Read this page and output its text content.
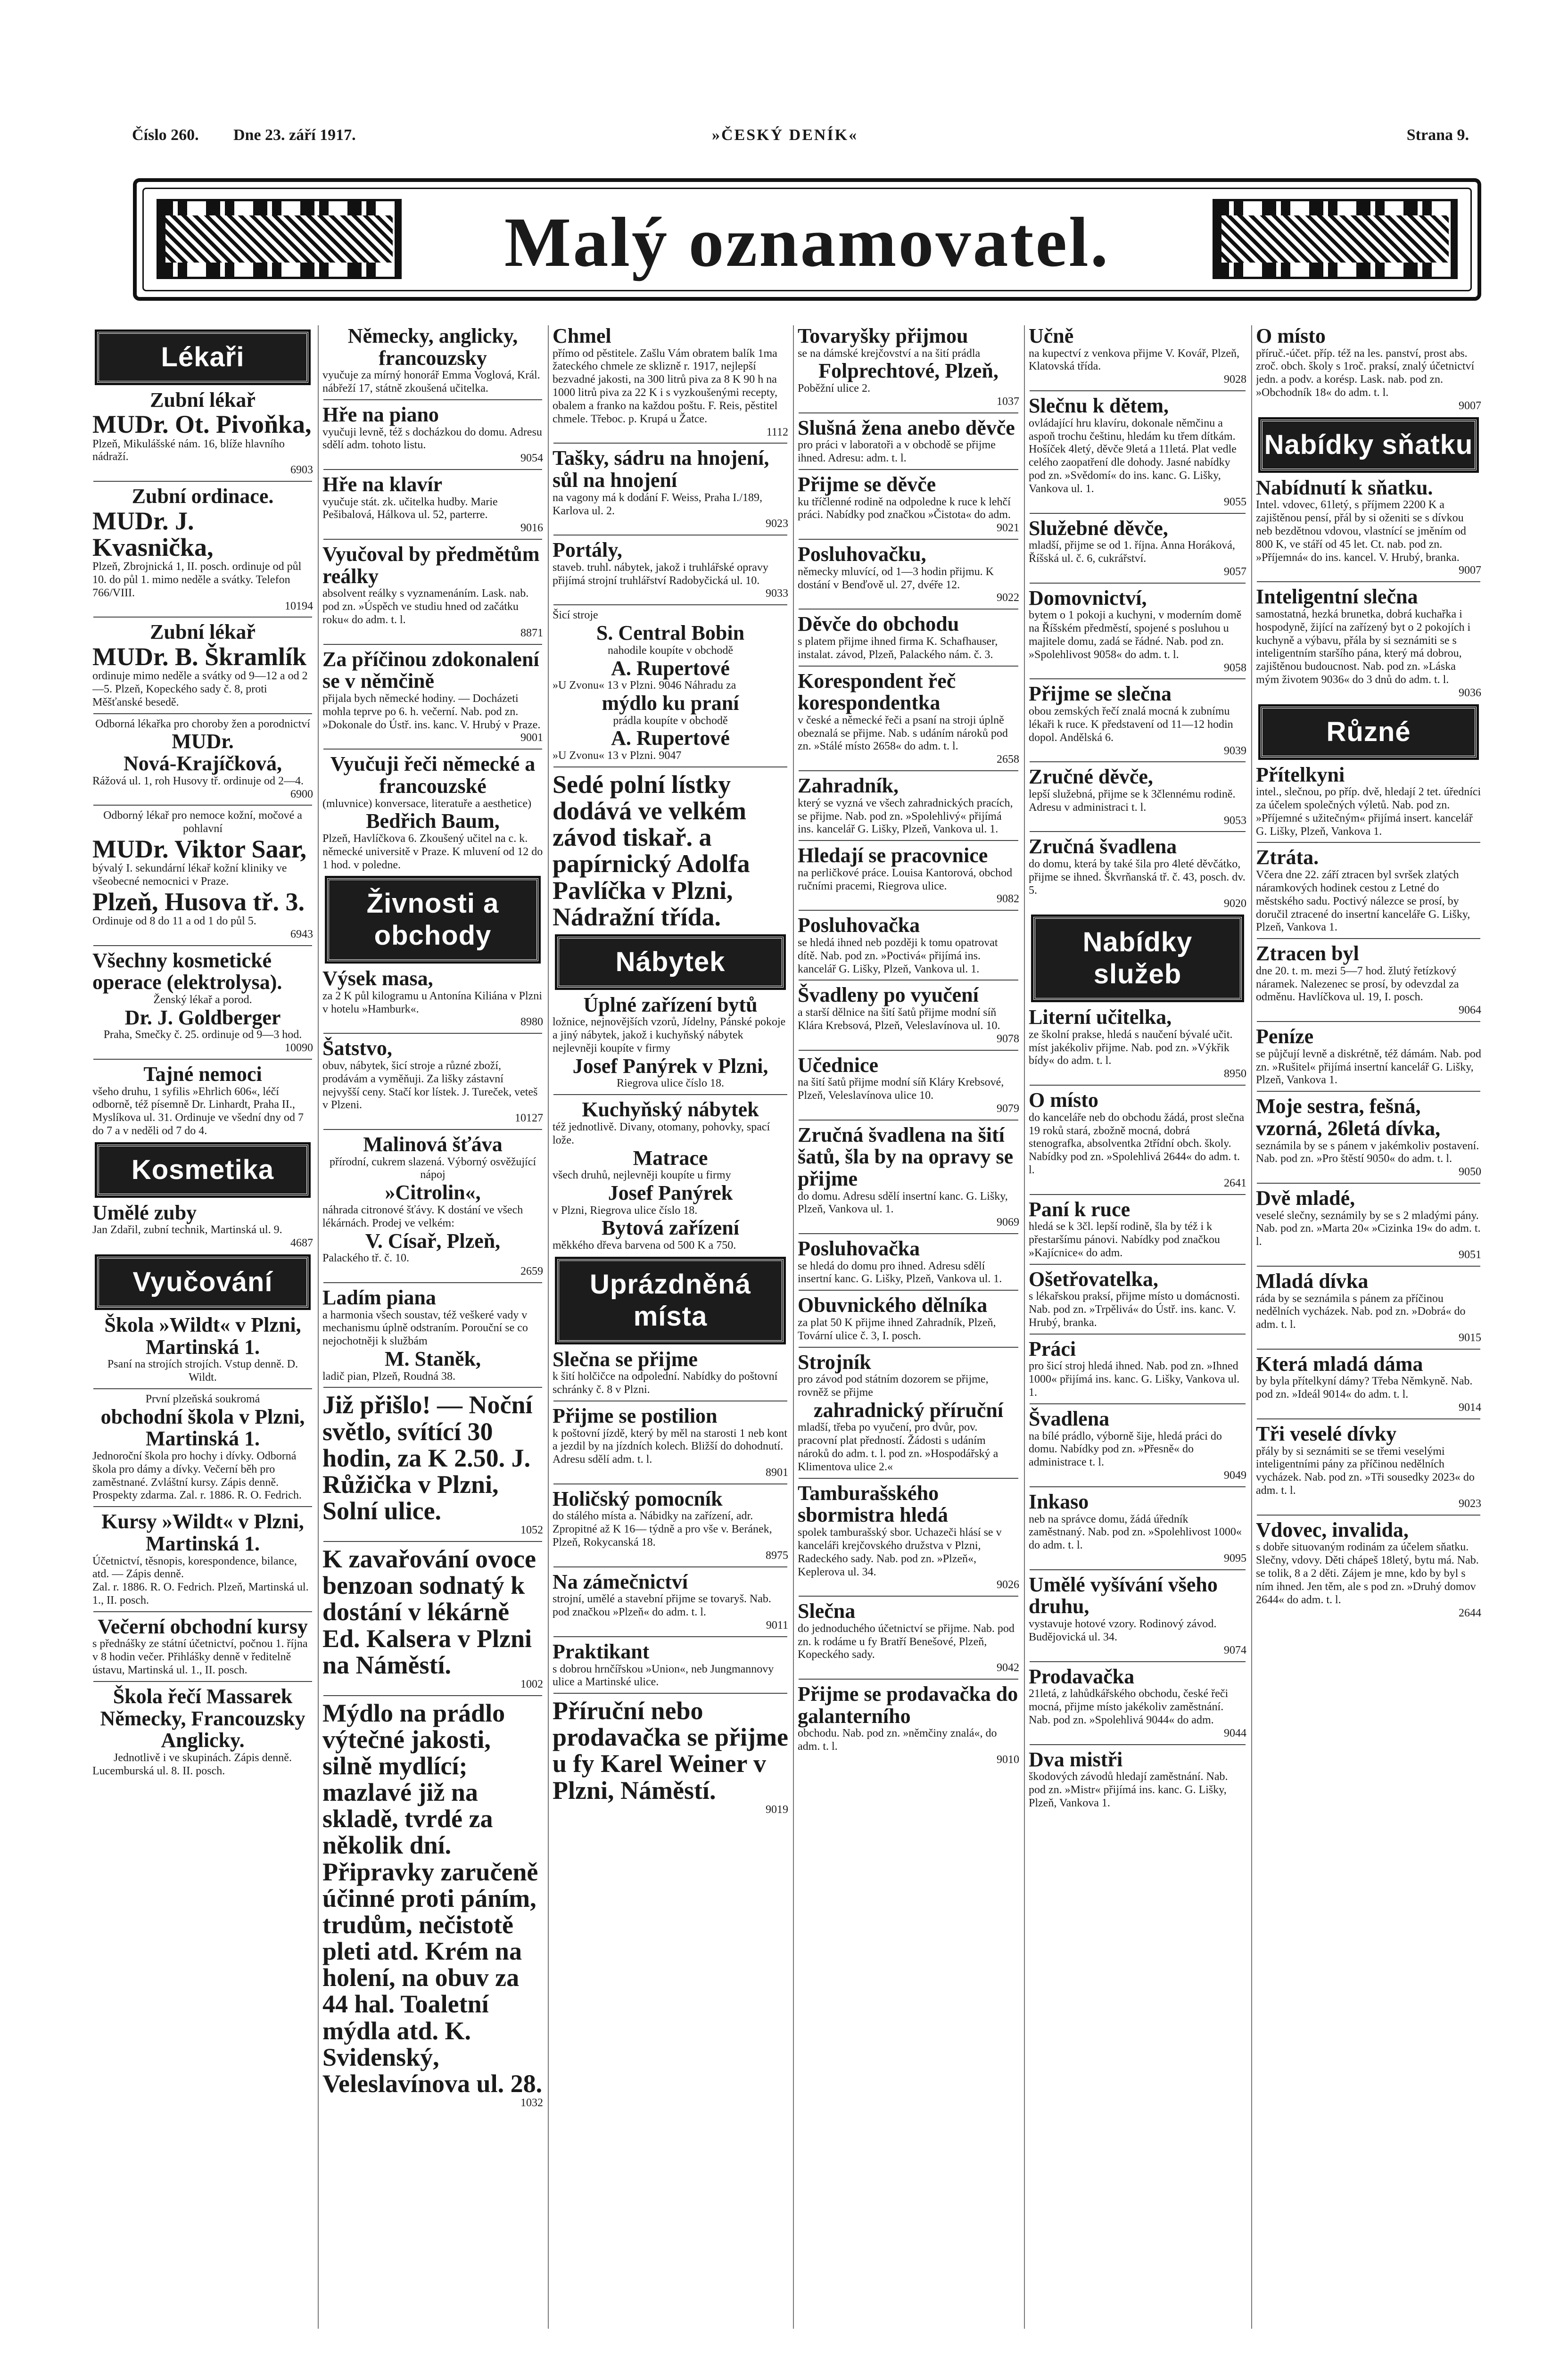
Číslo 260. Dne 23. září 1917.	»ČESKÝ DENÍK«	Strana 9.
Malý oznamovatel.
Lékaři
Zubní lékař
MUDr. Ot. Pivoňka,
Plzeň, Mikulášské nám. 16, blíže hlavního nádraží.
6903
Zubní ordinace.
MUDr. J. Kvasnička,
Plzeň, Zbrojnická 1, II. posch. ordinuje od půl 10. do půl 1. mimo neděle a svátky. Telefon 766/VIII.
10194
Zubní lékař
MUDr. B. Škramlík
ordinuje mimo neděle a svátky od 9—12 a od 2—5. Plzeň, Kopeckého sady č. 8, proti Měšťanské besedě.
Odborná lékařka pro choroby žen a porodnictví
MUDr.
Nová-Krajíčková,
Rážová ul. 1, roh Husovy tř. ordinuje od 2—4.
6900
Odborný lékař pro nemoce kožní, močové a pohlavní
MUDr. Viktor Saar,
bývalý I. sekundární lékař kožní kliniky ve všeobecné nemocnici v Praze.
Plzeň, Husova tř. 3.
Ordinuje od 8 do 11 a od 1 do půl 5.
6943
Všechny kosmetické operace (elektrolysa).
Ženský lékař a porod.
Dr. J. Goldberger
Praha, Smečky č. 25. ordinuje od 9—3 hod.
10090
Tajné nemoci
všeho druhu, 1 syfilis »Ehrlich 606«, léčí odborně, též písemně Dr. Linhardt, Praha II., Myslíkova ul. 31. Ordinuje ve všední dny od 7 do 7 a v neděli od 7 do 4.
Kosmetika
Umělé zuby
Jan Zdařil, zubní technik, Martinská ul. 9.
4687
Vyučování
Škola »Wildt« v Plzni, Martinská 1.
Psaní na strojích strojích. Vstup denně. D. Wildt.
První plzeňská soukromá
obchodní škola v Plzni, Martinská 1.
Jednoroční škola pro hochy i dívky. Odborná škola pro dámy a dívky. Večerní běh pro zaměstnané. Zvláštní kursy. Zápis denně. Prospekty zdarma. Zal. r. 1886. R. O. Fedrich.
Kursy »Wildt« v Plzni, Martinská 1.
Účetnictví, těsnopis, korespondence, bilance, atd. — Zápis denně.
Zal. r. 1886. R. O. Fedrich. Plzeň, Martinská ul. 1., II. posch.
Večerní obchodní kursy
s přednášky ze státní účetnictví, počnou 1. října v 8 hodin večer. Přihlášky denně v ředitelně ústavu, Martinská ul. 1., II. posch.
Škola řečí Massarek Německy, Francouzsky Anglicky.
Jednotlivě i ve skupinách. Zápis denně.
Lucemburská ul. 8. II. posch.
Německy, anglicky, francouzsky
vyučuje za mírný honorář Emma Voglová, Král. nábřeží 17, státně zkoušená učitelka.
Hře na piano
vyučuji levně, též s docházkou do domu. Adresu sdělí adm. tohoto listu.
9054
Hře na klavír
vyučuje stát. zk. učitelka hudby. Marie Pešibalová, Hálkova ul. 52, parterre.
9016
Vyučoval by předmětům reálky
absolvent reálky s vyznamenáním. Lask. nab. pod zn. »Úspěch ve studiu hned od začátku roku« do adm. t. l.
8871
Za příčinou zdokonalení se v němčině
přijala bych německé hodiny. — Docházeti mohla teprve po 6. h. večerní. Nab. pod zn. »Dokonale do Ústř. ins. kanc. V. Hrubý v Praze.
9001
Vyučuji řeči německé a francouzské
(mluvnice) konversace, literatuře a aesthetice)
Bedřich Baum,
Plzeň, Havlíčkova 6. Zkoušený učitel na c. k. německé universitě v Praze. K mluvení od 12 do 1 hod. v poledne.
Živnosti a obchody
Výsek masa,
za 2 K půl kilogramu u Antonína Kiliána v Plzni v hotelu »Hamburk«.
8980
Šatstvo,
obuv, nábytek, šicí stroje a různé zboží, prodávám a vyměňuji. Za lišky zástavní nejvyšší ceny. Stačí kor lístek. J. Tureček, veteš v Plzeni.
10127
Malinová šťáva
přírodní, cukrem slazená. Výborný osvěžující nápoj
»Citrolin«,
náhrada citronové šťávy. K dostání ve všech lékárnách. Prodej ve velkém:
V. Císař, Plzeň,
Palackého tř. č. 10.
2659
Ladím piana
a harmonia všech soustav, též veškeré vady v mechanismu úplně odstraním. Porouční se co nejochotněji k službám
M. Staněk,
ladič pian, Plzeň, Roudná 38.
Již přišlo! — Noční světlo, svítící 30 hodin, za K 2.50. J. Růžička v Plzni, Solní ulice.
1052
K zavařování ovoce benzoan sodnatý k dostání v lékárně Ed. Kalsera v Plzni na Náměstí.
1002
Mýdlo na prádlo výtečné jakosti, silně mydlící; mazlavé již na skladě, tvrdé za několik dní. Připravky zaručeně účinné proti páním, trudům, nečistotě pleti atd. Krém na holení, na obuv za 44 hal. Toaletní mýdla atd. K. Svidenský, Veleslavínova ul. 28.
1032
Chmel
přímo od pěstitele. Zašlu Vám obratem balík 1ma žateckého chmele ze sklizně r. 1917, nejlepší bezvadné jakosti, na 300 litrů piva za 8 K 90 h na 1000 litrů piva za 22 K i s vyzkoušenými recepty, obalem a franko na každou poštu. F. Reis, pěstitel chmele. Třeboc. p. Krupá u Žatce.
1112
Tašky, sádru na hnojení, sůl na hnojení
na vagony má k dodání F. Weiss, Praha I./189, Karlova ul. 2.
9023
Portály,
staveb. truhl. nábytek, jakož i truhlářské opravy přijímá strojní truhlářství Radobyčická ul. 10.
9033
Šicí stroje
S. Central Bobin
nahodile koupíte v obchodě
A. Rupertové
»U Zvonu« 13 v Plzni. 9046 Náhradu za
mýdlo ku praní
prádla koupíte v obchodě
A. Rupertové
»U Zvonu« 13 v Plzni. 9047
Sedé polní lístky dodává ve velkém závod tiskař. a papírnický Adolfa Pavlíčka v Plzni, Nádražní třída.
Nábytek
Úplné zařízení bytů
ložnice, nejnovějších vzorů, Jídelny, Pánské pokoje a jiný nábytek, jakož i kuchyňský nábytek nejlevněji koupíte v firmy
Josef Panýrek v Plzni,
Riegrova ulice číslo 18.
Kuchyňský nábytek
též jednotlivě. Divany, otomany, pohovky, spací lože.
Matrace
všech druhů, nejlevněji koupíte u firmy
Josef Panýrek
v Plzni, Riegrova ulice číslo 18.
Bytová zařízení
měkkého dřeva barvena od 500 K a 750.
Uprázdněná místa
Slečna se přijme
k šití holčičce na odpolední. Nabídky do poštovní schránky č. 8 v Plzni.
Přijme se postilion
k poštovní jízdě, který by měl na starosti 1 neb kont a jezdil by na jízdních kolech. Bližší do dohodnutí. Adresu sdělí adm. t. l.
8901
Holičský pomocník
do stálého místa a. Nábidky na zařízení, adr. Zpropitné až K 16— týdně a pro vše v. Beránek, Plzeň, Rokycanská 18.
8975
Na zámečnictví
strojní, umělé a stavební přijme se tovaryš. Nab. pod značkou »Plzeň« do adm. t. l.
9011
Praktikant
s dobrou hrnčířskou »Union«, neb Jungmannovy ulice a Martinské ulice.
Příruční nebo prodavačka se přijme u fy Karel Weiner v Plzni, Náměstí.
9019
Tovaryšky přijmou
se na dámské krejčovství a na šití prádla
Folprechtové, Plzeň,
Poběžní ulice 2.
1037
Slušná žena anebo děvče
pro práci v laboratoři a v obchodě se přijme ihned. Adresu: adm. t. l.
Přijme se děvče
ku tříčlenné rodině na odpoledne k ruce k lehčí práci. Nabídky pod značkou »Čistota« do adm.
9021
Posluhovačku,
německy mluvící, od 1—3 hodin přijmu. K dostání v Benďově ul. 27, dvéře 12.
9022
Děvče do obchodu
s platem přijme ihned firma K. Schafhauser, instalat. závod, Plzeň, Palackého nám. č. 3.
Korespondent řeč korespondentka
v české a německé řeči a psaní na stroji úplně obeznalá se přijme. Nab. s udáním nároků pod zn. »Stálé místo 2658« do adm. t. l.
2658
Zahradník,
který se vyzná ve všech zahradnických pracích, se přijme. Nab. pod zn. »Spolehlivý« přijímá ins. kancelář G. Lišky, Plzeň, Vankova ul. 1.
Hledají se pracovnice
na perličkové práce. Louisa Kantorová, obchod ručními pracemi, Riegrova ulice.
9082
Posluhovačka
se hledá ihned neb později k tomu opatrovat dítě. Nab. pod zn. »Poctivá« přijímá ins. kancelář G. Lišky, Plzeň, Vankova ul. 1.
Švadleny po vyučení
a starší dělnice na šití šatů přijme modní síň Klára Krebsová, Plzeň, Veleslavínova ul. 10.
9078
Učednice
na šití šatů přijme modní síň Kláry Krebsové, Plzeň, Veleslavínova ulice 10.
9079
Zručná švadlena na šití šatů, šla by na opravy se přijme
do domu. Adresu sdělí insertní kanc. G. Lišky, Plzeň, Vankova ul. 1.
9069
Posluhovačka
se hledá do domu pro ihned. Adresu sdělí insertní kanc. G. Lišky, Plzeň, Vankova ul. 1.
Obuvnického dělníka
za plat 50 K přijme ihned Zahradník, Plzeň, Tovární ulice č. 3, I. posch.
Strojník
pro závod pod státním dozorem se přijme, rovněž se přijme
zahradnický příruční
mladší, třeba po vyučení, pro dvůr, pov. pracovní plat předností. Žádosti s udáním nároků do adm. t. l. pod zn. »Hospodářský a Klimentova ulice 2.«
Tamburašského sbormistra hledá
spolek tamburašský sbor. Uchazeči hlásí se v kanceláři krejčovského družstva v Plzni, Radeckého sady. Nab. pod zn. »Plzeň«, Keplerova ul. 34.
9026
Slečna
do jednoduchého účetnictví se přijme. Nab. pod zn. k rodáme u fy Bratří Benešové, Plzeň, Kopeckého sady.
9042
Přijme se prodavačka do galanterního
obchodu. Nab. pod zn. »němčiny znalá«, do adm. t. l.
9010
Učně
na kupectví z venkova přijme V. Kovář, Plzeň, Klatovská třída.
9028
Slečnu k dětem,
ovládající hru klavíru, dokonale němčinu a aspoň trochu češtinu, hledám ku třem dítkám. Hošíček 4letý, děvče 9letá a 11letá. Plat vedle celého zaopatření dle dohody. Jasné nabídky pod zn. »Svědomí« do ins. kanc. G. Lišky, Vankova ul. 1.
9055
Služebné děvče,
mladší, přijme se od 1. října. Anna Horáková, Říšská ul. č. 6, cukrářství.
9057
Domovnictví,
bytem o 1 pokoji a kuchyni, v moderním domě na Říšském předměstí, spojené s posluhou u majitele domu, zadá se řádné. Nab. pod zn. »Spolehlivost 9058« do adm. t. l.
9058
Přijme se slečna
obou zemských řečí znalá mocná k zubnímu lékaři k ruce. K představení od 11—12 hodin dopol. Andělská 6.
9039
Zručné děvče,
lepší služebná, přijme se k 3člennému rodině. Adresu v administraci t. l.
9053
Zručná švadlena
do domu, která by také šila pro 4leté děvčátko, přijme se ihned. Škvrňanská tř. č. 43, posch. dv. 5.
9020
Nabídky služeb
Literní učitelka,
ze školní prakse, hledá s naučení bývalé učit. míst jakékoliv přijme. Nab. pod zn. »Výkřik bídy« do adm. t. l.
8950
O místo
do kanceláře neb do obchodu žádá, prost slečna 19 roků stará, zbožně mocná, dobrá stenografka, absolventka 2třídní obch. školy. Nabídky pod zn. »Spolehlivá 2644« do adm. t. l.
2641
Paní k ruce
hledá se k 3čl. lepší rodině, šla by též i k přestaršímu pánovi. Nabídky pod značkou »Kajícnice« do adm.
Ošetřovatelka,
s lékařskou praksí, přijme místo u domácnosti. Nab. pod zn. »Trpělivá« do Ústř. ins. kanc. V. Hrubý, branka.
Práci
pro šicí stroj hledá ihned. Nab. pod zn. »Ihned 1000« přijímá ins. kanc. G. Lišky, Vankova ul. 1.
Švadlena
na bílé prádlo, výborně šije, hledá práci do domu. Nabídky pod zn. »Přesně« do administrace t. l.
9049
Inkaso
neb na správce domu, žádá úředník zaměstnaný. Nab. pod zn. »Spolehlivost 1000« do adm. t. l.
9095
Umělé vyšívání všeho druhu,
vystavuje hotové vzory. Rodinový závod. Budějovická ul. 34.
9074
Prodavačka
21letá, z lahůdkářského obchodu, české řeči mocná, přijme místo jakékoliv zaměstnání. Nab. pod zn. »Spolehlivá 9044« do adm.
9044
Dva mistři
škodových závodů hledají zaměstnání. Nab. pod zn. »Mistr« přijímá ins. kanc. G. Lišky, Plzeň, Vankova 1.
O místo
příruč.-účet. příp. též na les. panství, prost abs. zroč. obch. školy s 1roč. praksí, znalý účetnictví jedn. a podv. a korésp. Lask. nab. pod zn. »Obchodník 18« do adm. t. l.
9007
Nabídky sňatku
Nabídnutí k sňatku.
Intel. vdovec, 61letý, s příjmem 2200 K a zajištěnou pensí, přál by si oženiti se s dívkou neb bezdětnou vdovou, vlastnící se jměním od 800 K, ve stáří od 45 let. Ct. nab. pod zn. »Příjemná« do ins. kancel. V. Hrubý, branka.
9007
Inteligentní slečna
samostatná, hezká brunetka, dobrá kuchařka i hospodyně, žijící na zařízený byt o 2 pokojích i kuchyně a výbavu, přála by si seznámiti se s inteligentním staršího pána, který má dobrou, zajištěnou budoucnost. Nab. pod zn. »Láska mým životem 9036« do 3 dnů do adm. t. l.
9036
Různé
Přítelkyni
intel., slečnou, po příp. dvě, hledají 2 tet. úředníci za účelem společných výletů. Nab. pod zn. »Příjemné s užitečným« přijímá insert. kancelář G. Lišky, Plzeň, Vankova 1.
Ztráta.
Včera dne 22. září ztracen byl svršek zlatých náramkových hodinek cestou z Letné do městského sadu. Poctivý nálezce se prosí, by doručil ztracené do insertní kanceláře G. Lišky, Plzeň, Vankova 1.
Ztracen byl
dne 20. t. m. mezi 5—7 hod. žlutý řetízkový náramek. Nalezenec se prosí, by odevzdal za odměnu. Havlíčkova ul. 19, I. posch.
9064
Peníze
se půjčují levně a diskrétně, též dámám. Nab. pod zn. »Rušitel« přijímá insertní kancelář G. Lišky, Plzeň, Vankova 1.
Moje sestra, fešná, vzorná, 26letá dívka,
seznámila by se s pánem v jakémkoliv postavení. Nab. pod zn. »Pro štěstí 9050« do adm. t. l.
9050
Dvě mladé,
veselé slečny, seznámily by se s 2 mladými pány. Nab. pod zn. »Marta 20« »Cizinka 19« do adm. t. l.
9051
Mladá dívka
ráda by se seznámila s pánem za příčinou nedělních vycházek. Nab. pod zn. »Dobrá« do adm. t. l.
9015
Která mladá dáma
by byla přítelkyní dámy? Třeba Němkyně. Nab. pod zn. »Ideál 9014« do adm. t. l.
9014
Tři veselé dívky
přály by si seznámiti se se třemi veselými inteligentními pány za příčinou nedělních vycházek. Nab. pod zn. »Tři sousedky 2023« do adm. t. l.
9023
Vdovec, invalida,
s dobře situovaným rodinám za účelem sňatku. Slečny, vdovy. Děti chápeš 18letý, bytu má. Nab. se tolik, 8 a 2 děti. Zájem je mne, kdo by byl s ním ihned. Jen těm, ale s pod zn. »Druhý domov 2644« do adm. t. l.
2644
